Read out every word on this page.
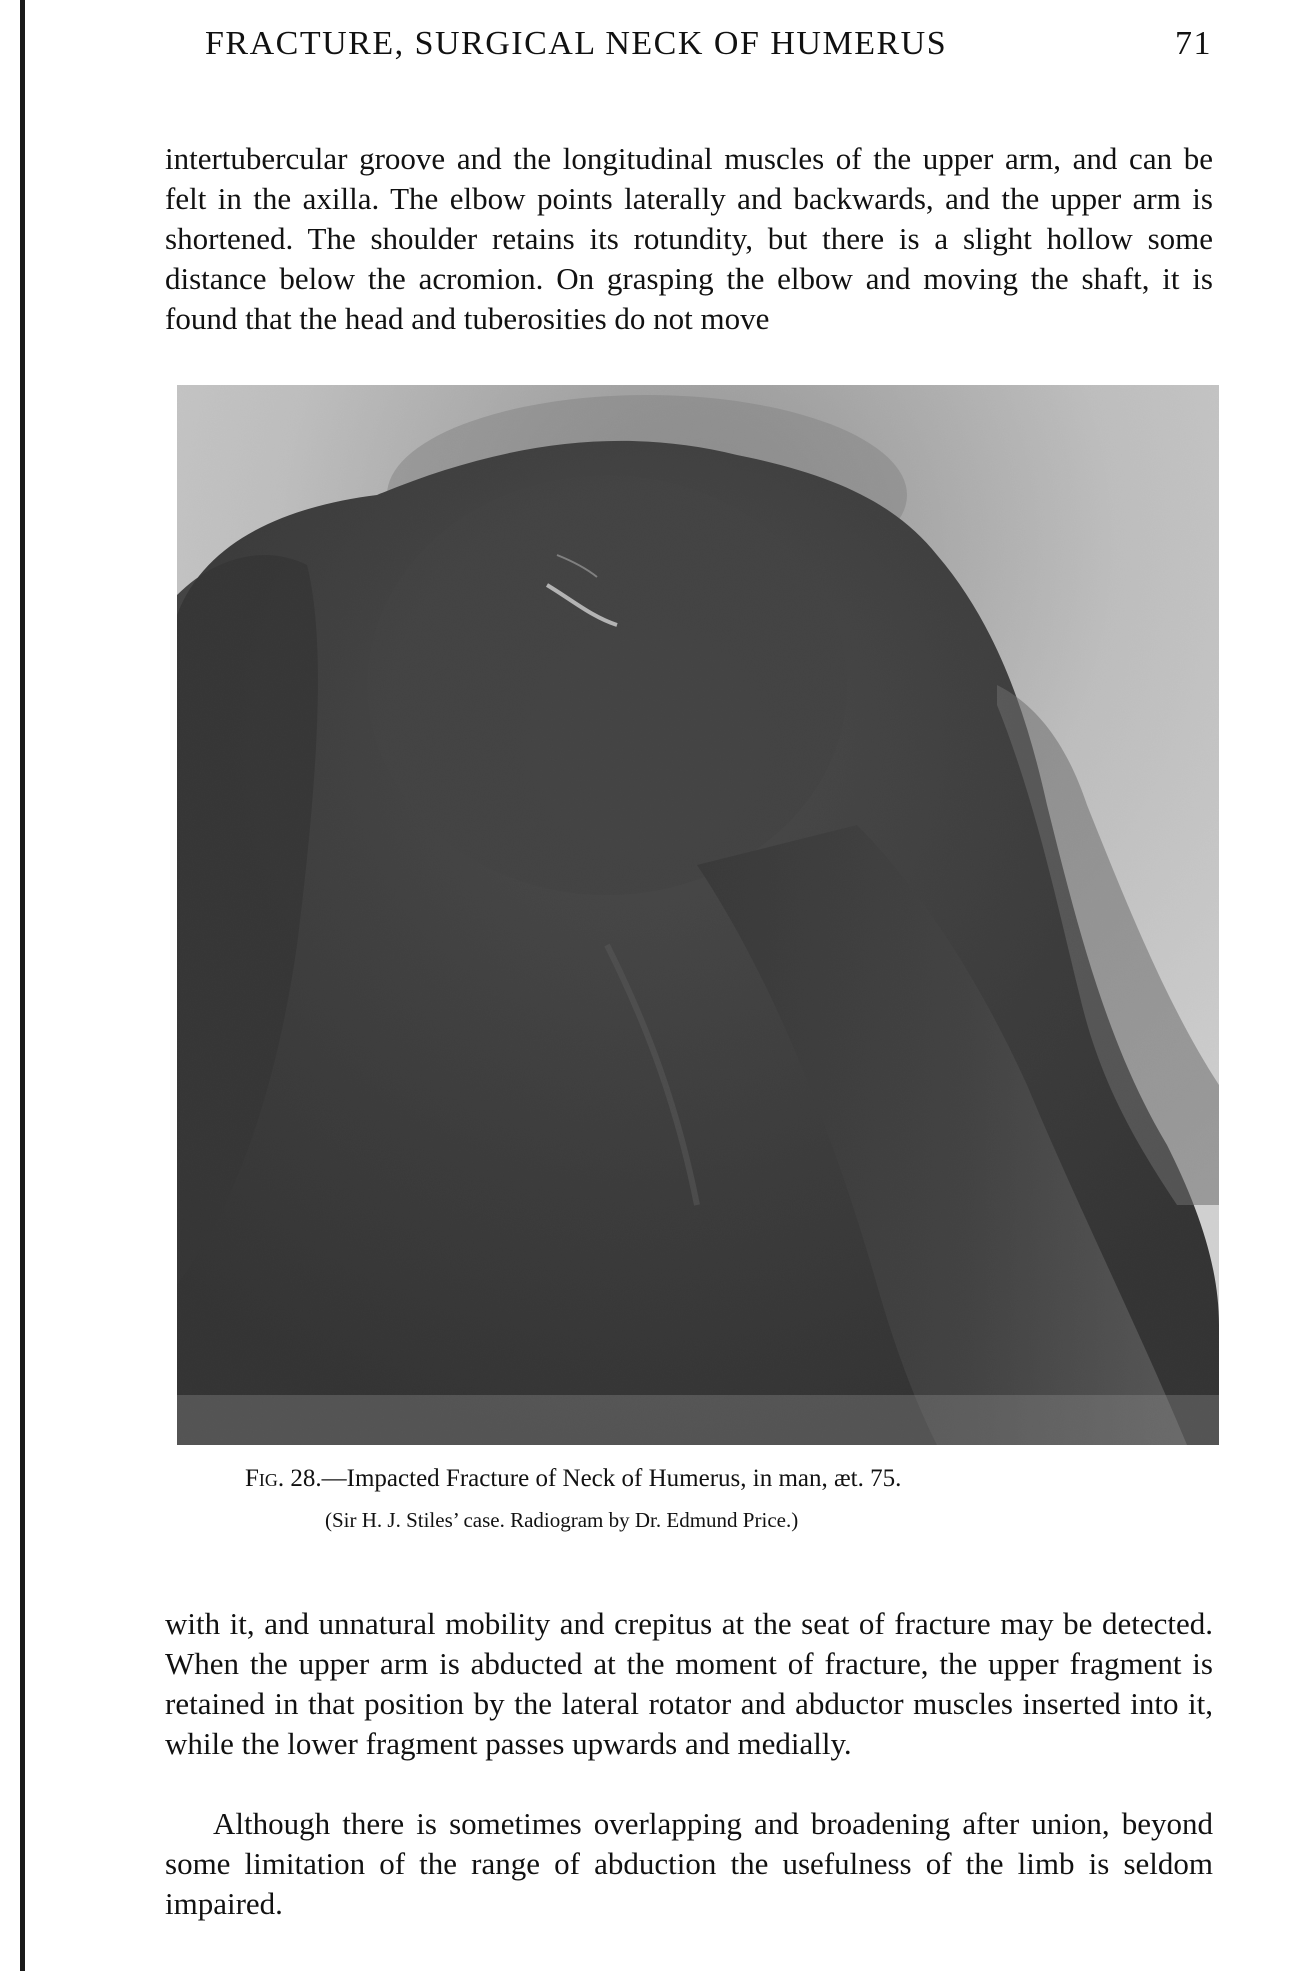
FRACTURE, SURGICAL NECK OF HUMERUS	71

intertubercular groove and the longitudinal muscles of the upper arm, and can be felt in the axilla. The elbow points laterally and backwards, and the upper arm is shortened. The shoulder retains its rotundity, but there is a slight hollow some distance below the acromion. On grasping the elbow and moving the shaft, it is found that the head and tuberosities do not move

Fig. 28.—Impacted Fracture of Neck of Humerus, in man, æt. 75.
(Sir H. J. Stiles’ case. Radiogram by Dr. Edmund Price.)

with it, and unnatural mobility and crepitus at the seat of fracture may be detected. When the upper arm is abducted at the moment of fracture, the upper fragment is retained in that position by the lateral rotator and abductor muscles inserted into it, while the lower fragment passes upwards and medially.

Although there is sometimes overlapping and broadening after union, beyond some limitation of the range of abduction the usefulness of the limb is seldom impaired.
